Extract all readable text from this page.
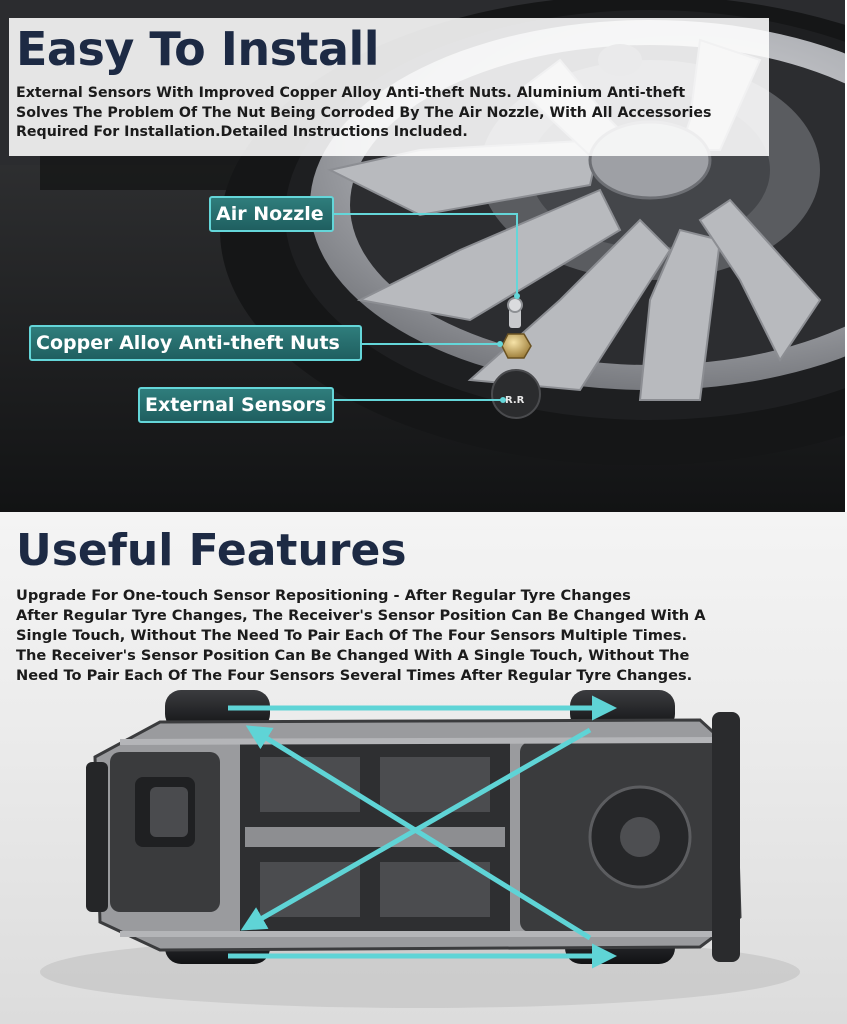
Easy To Install

External Sensors With Improved Copper Alloy Anti-theft Nuts. Aluminium Anti-theft
Solves The Problem Of The Nut Being Corroded By The Air Nozzle, With All Accessories
Required For Installation.Detailed Instructions Included.

Air Nozzle
Copper Alloy Anti-theft Nuts
External Sensors	R.R
Useful Features

Upgrade For One-touch Sensor Repositioning - After Regular Tyre Changes
After Regular Tyre Changes, The Receiver's Sensor Position Can Be Changed With A
Single Touch, Without The Need To Pair Each Of The Four Sensors Multiple Times.
The Receiver's Sensor Position Can Be Changed With A Single Touch, Without The
Need To Pair Each Of The Four Sensors Several Times After Regular Tyre Changes.
